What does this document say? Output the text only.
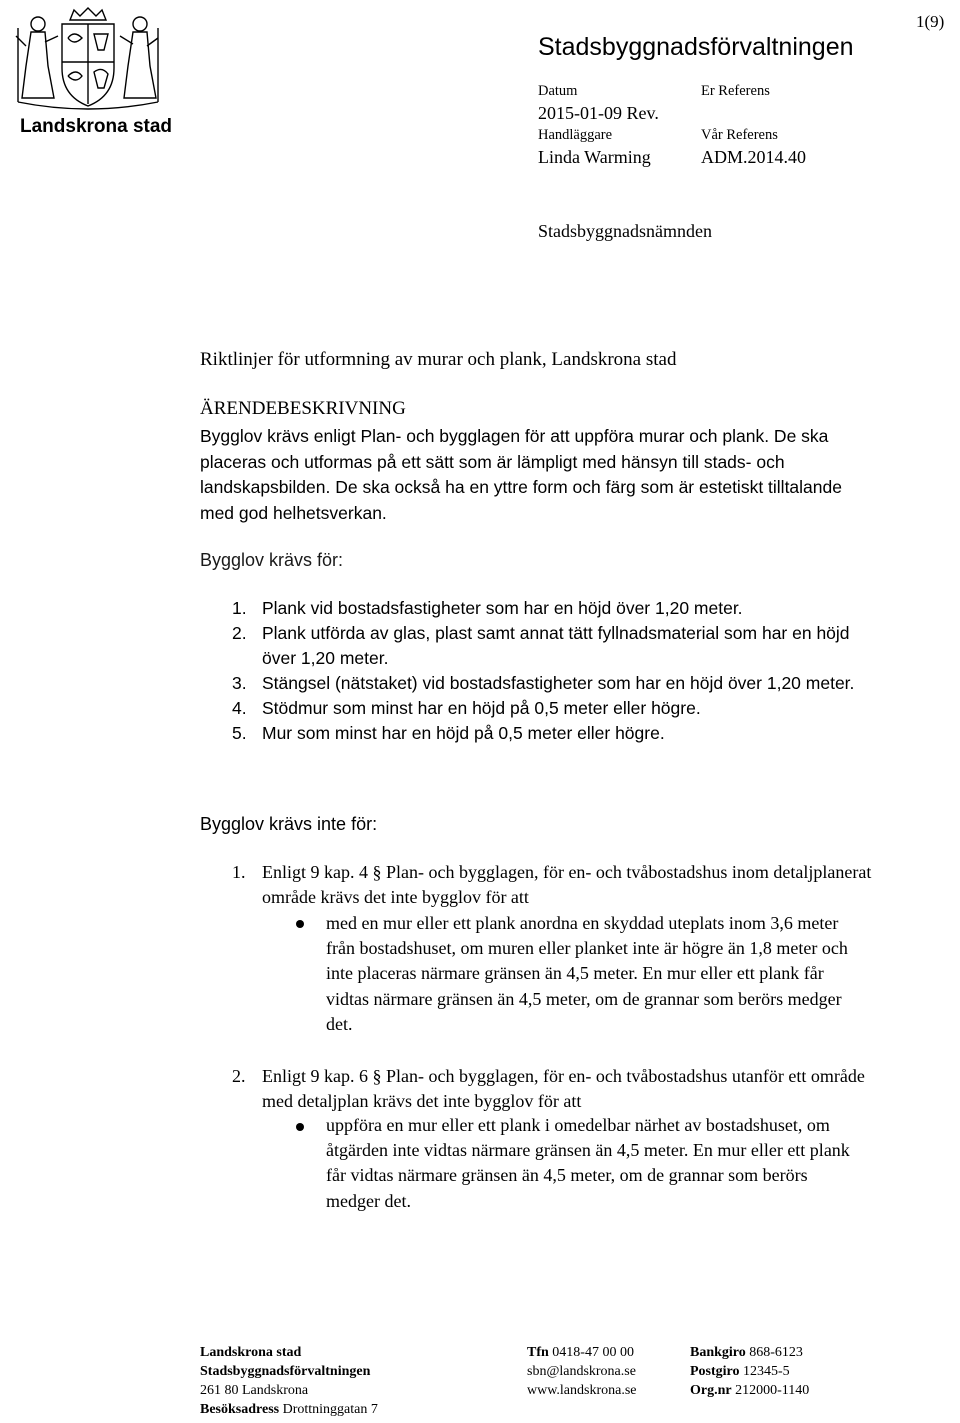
Landskrona stad
1(9)
Stadsbyggnadsförvaltningen
Datum
2015-01-09 Rev.
Er Referens
Handläggare
Linda Warming
Vår Referens
ADM.2014.40
Stadsbyggnadsnämnden
Riktlinjer för utformning av murar och plank, Landskrona stad
ÄRENDEBESKRIVNING
Bygglov krävs enligt Plan- och bygglagen för att uppföra murar och plank. De ska placeras och utformas på ett sätt som är lämpligt med hänsyn till stads- och landskapsbilden. De ska också ha en yttre form och färg som är estetiskt tilltalande med god helhetsverkan.
Bygglov krävs för:
1. Plank vid bostadsfastigheter som har en höjd över 1,20 meter.
2. Plank utförda av glas, plast samt annat tätt fyllnadsmaterial som har en höjd över 1,20 meter.
3. Stängsel (nätstaket) vid bostadsfastigheter som har en höjd över 1,20 meter.
4. Stödmur som minst har en höjd på 0,5 meter eller högre.
5. Mur som minst har en höjd på 0,5 meter eller högre.
Bygglov krävs inte för:
1. Enligt 9 kap. 4 § Plan- och bygglagen, för en- och tvåbostadshus inom detaljplanerat område krävs det inte bygglov för att
med en mur eller ett plank anordna en skyddad uteplats inom 3,6 meter från bostadshuset, om muren eller planket inte är högre än 1,8 meter och inte placeras närmare gränsen än 4,5 meter. En mur eller ett plank får vidtas närmare gränsen än 4,5 meter, om de grannar som berörs medger det.
2. Enligt 9 kap. 6 § Plan- och bygglagen, för en- och tvåbostadshus utanför ett område med detaljplan krävs det inte bygglov för att
uppföra en mur eller ett plank i omedelbar närhet av bostadshuset, om åtgärden inte vidtas närmare gränsen än 4,5 meter. En mur eller ett plank får vidtas närmare gränsen än 4,5 meter, om de grannar som berörs medger det.
Landskrona stad
Stadsbyggnadsförvaltningen
261 80 Landskrona
Besöksadress Drottninggatan 7
Tfn 0418-47 00 00
sbn@landskrona.se
www.landskrona.se
Bankgiro 868-6123
Postgiro 12345-5
Org.nr 212000-1140
